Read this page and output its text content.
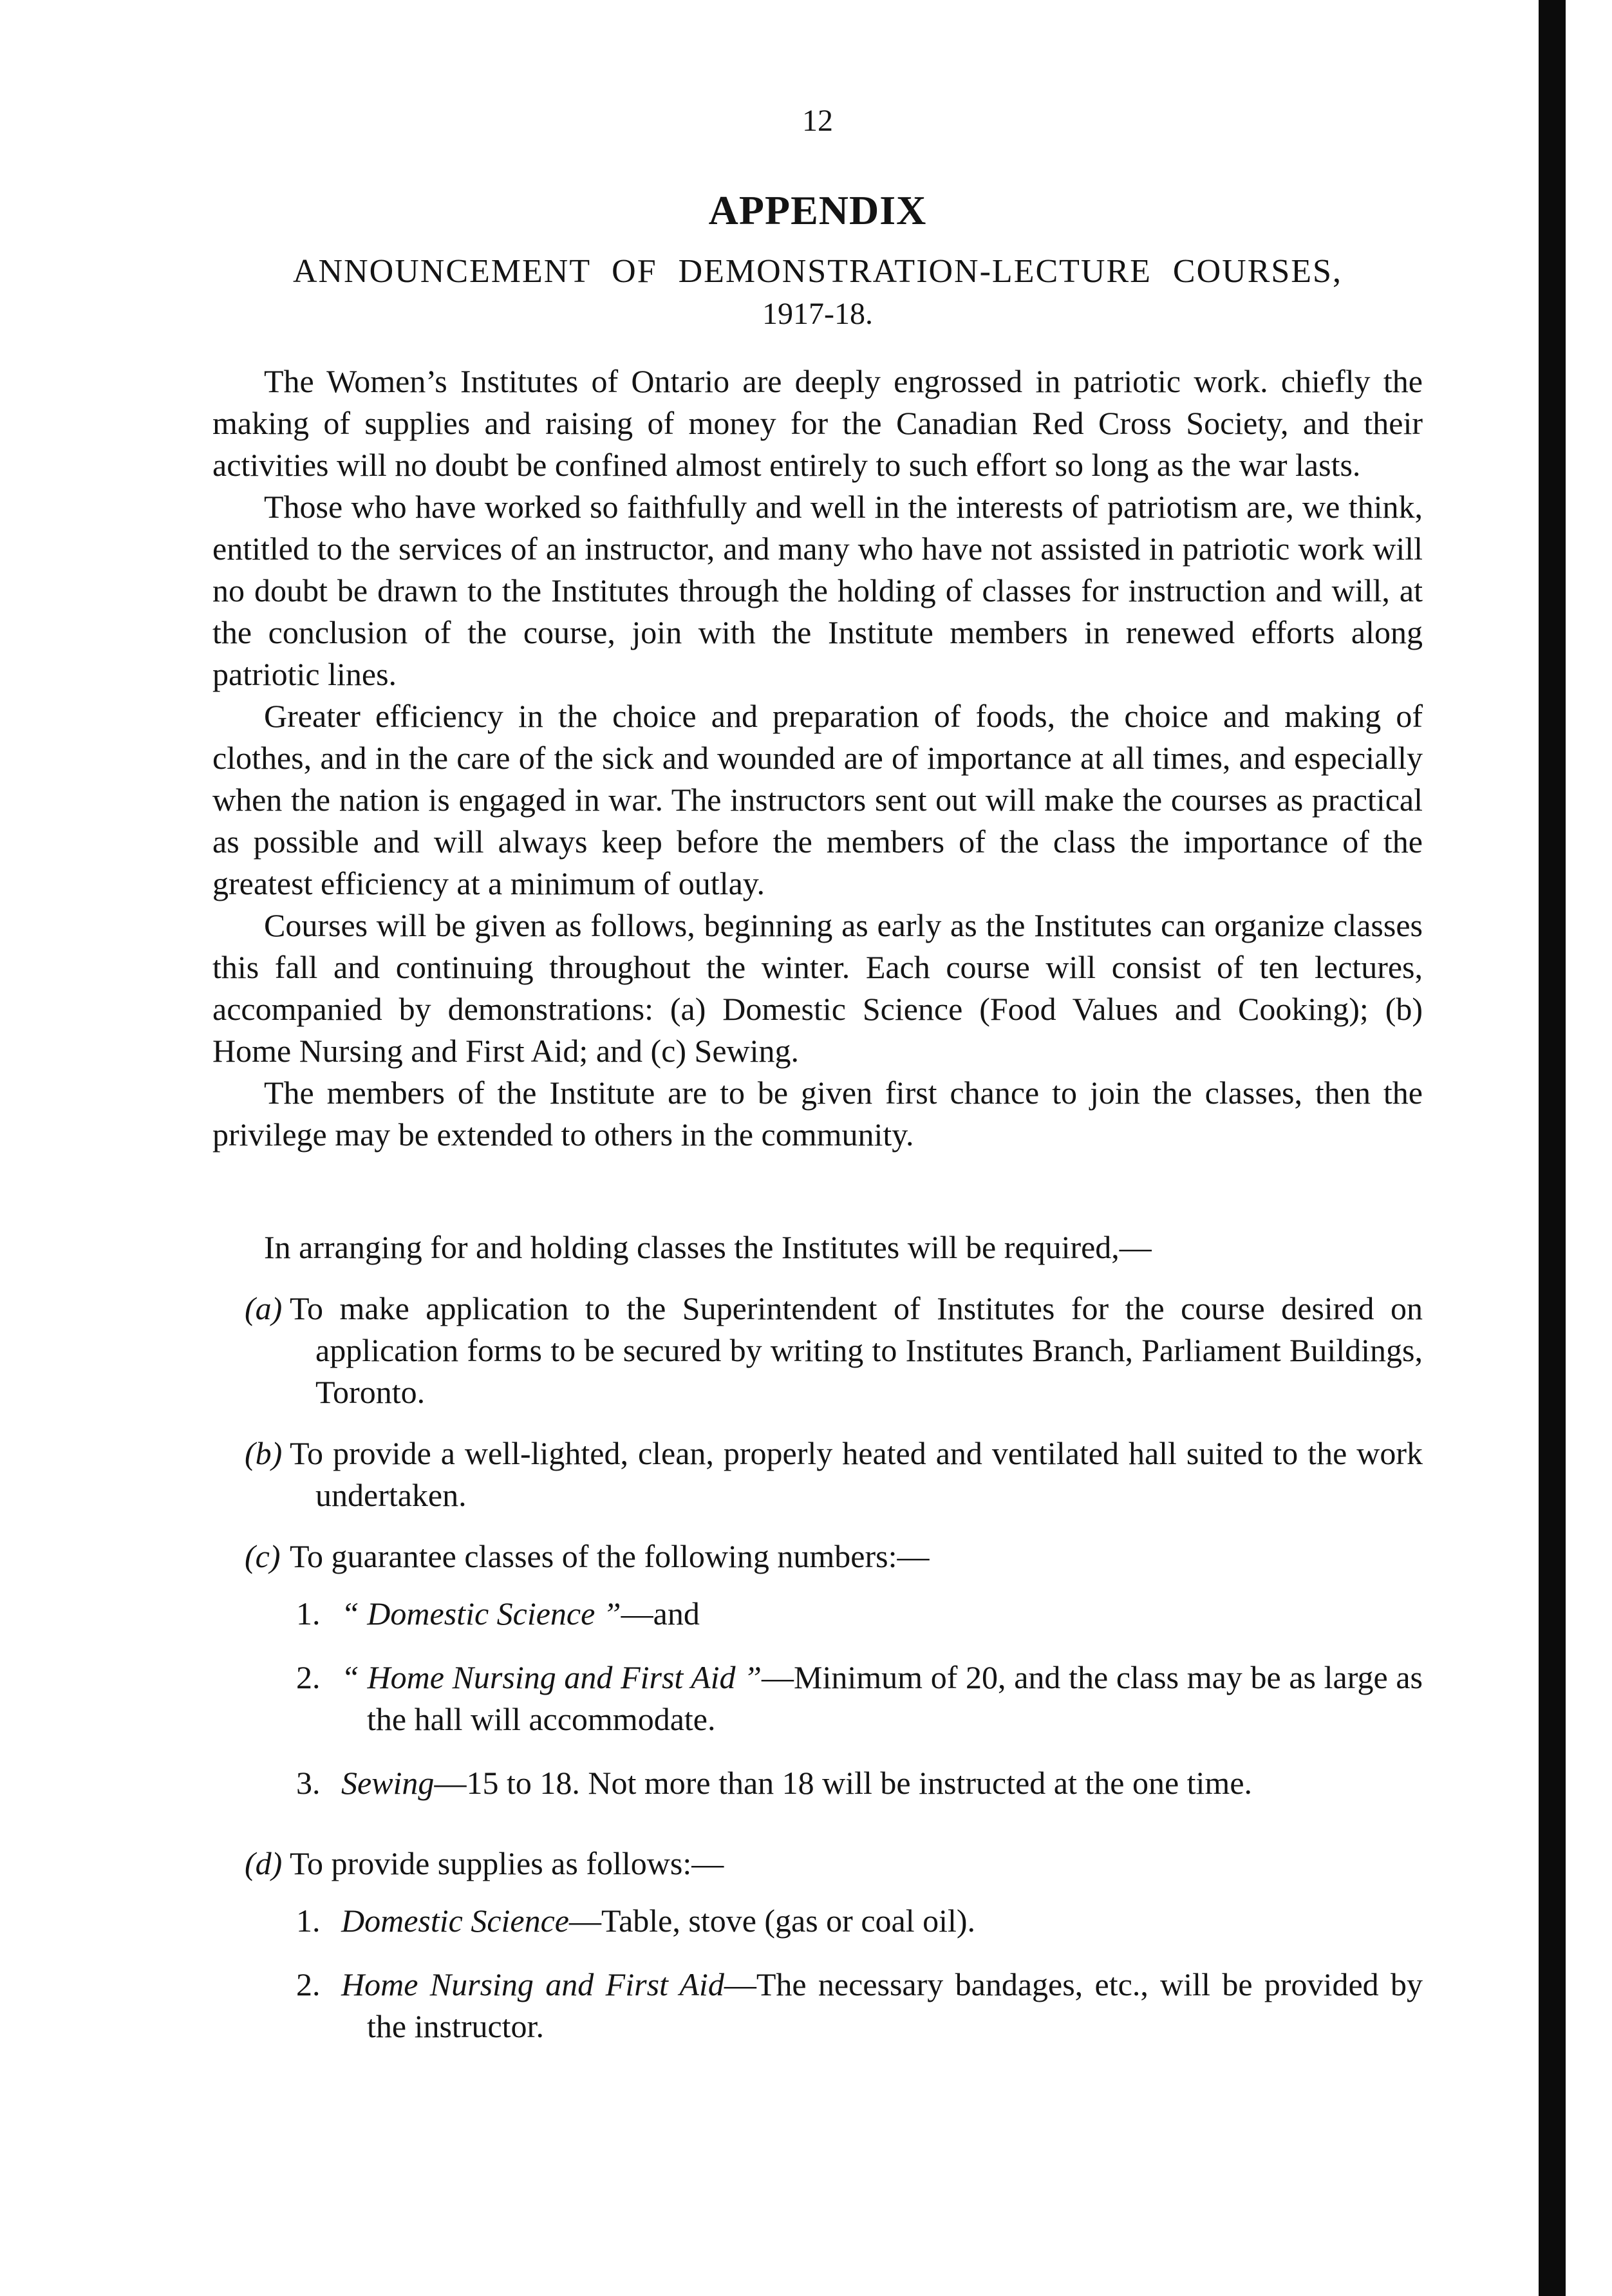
12
APPENDIX
ANNOUNCEMENT OF DEMONSTRATION-LECTURE COURSES,
1917-18.

The Women’s Institutes of Ontario are deeply engrossed in patriotic work. chiefly the making of supplies and raising of money for the Canadian Red Cross Society, and their activities will no doubt be confined almost entirely to such effort so long as the war lasts.

Those who have worked so faithfully and well in the interests of patriotism are, we think, entitled to the services of an instructor, and many who have not assisted in patriotic work will no doubt be drawn to the Institutes through the holding of classes for instruction and will, at the conclusion of the course, join with the Institute members in renewed efforts along patriotic lines.

Greater efficiency in the choice and preparation of foods, the choice and making of clothes, and in the care of the sick and wounded are of importance at all times, and especially when the nation is engaged in war. The instructors sent out will make the courses as practical as possible and will always keep before the members of the class the importance of the greatest efficiency at a minimum of outlay.

Courses will be given as follows, beginning as early as the Institutes can organize classes this fall and continuing throughout the winter. Each course will consist of ten lectures, accompanied by demonstrations: (a) Domestic Science (Food Values and Cooking); (b) Home Nursing and First Aid; and (c) Sewing.

The members of the Institute are to be given first chance to join the classes, then the privilege may be extended to others in the community.

In arranging for and holding classes the Institutes will be required,—

(a) To make application to the Superintendent of Institutes for the course desired on application forms to be secured by writing to Institutes Branch, Parliament Buildings, Toronto.

(b) To provide a well-lighted, clean, properly heated and ventilated hall suited to the work undertaken.

(c) To guarantee classes of the following numbers:—

1. “ Domestic Science ”—and

2. “ Home Nursing and First Aid ”—Minimum of 20, and the class may be as large as the hall will accommodate.

3. Sewing—15 to 18. Not more than 18 will be instructed at the one time.

(d) To provide supplies as follows:—

1. Domestic Science—Table, stove (gas or coal oil).

2. Home Nursing and First Aid—The necessary bandages, etc., will be provided by the instructor.
